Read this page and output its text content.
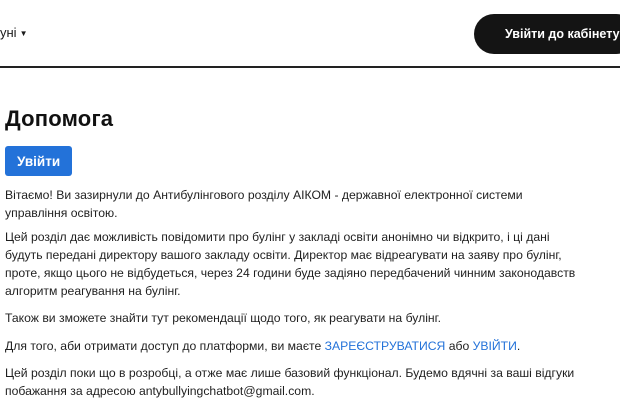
уні ▼	Увійти до кабінету
Допомога
Увійти

Вітаємо! Ви зазирнули до Антибулінгового розділу АІКОМ - державної електронної системи
управління освітою.

Цей розділ дає можливість повідомити про булінг у закладі освіти анонімно чи відкрито, і ці дані
будуть передані директору вашого закладу освіти. Директор має відреагувати на заяву про булінг,
проте, якщо цього не відбудеться, через 24 години буде задіяно передбачений чинним законодавств
алгоритм реагування на булінг.

Також ви зможете знайти тут рекомендації щодо того, як реагувати на булінг.

Для того, аби отримати доступ до платформи, ви маєте ЗАРЕЄСТРУВАТИСЯ або УВІЙТИ.

Цей розділ поки що в розробці, а отже має лише базовий функціонал. Будемо вдячні за ваші відгуки
побажання за адресою antybullyingchatbot@gmail.com.
